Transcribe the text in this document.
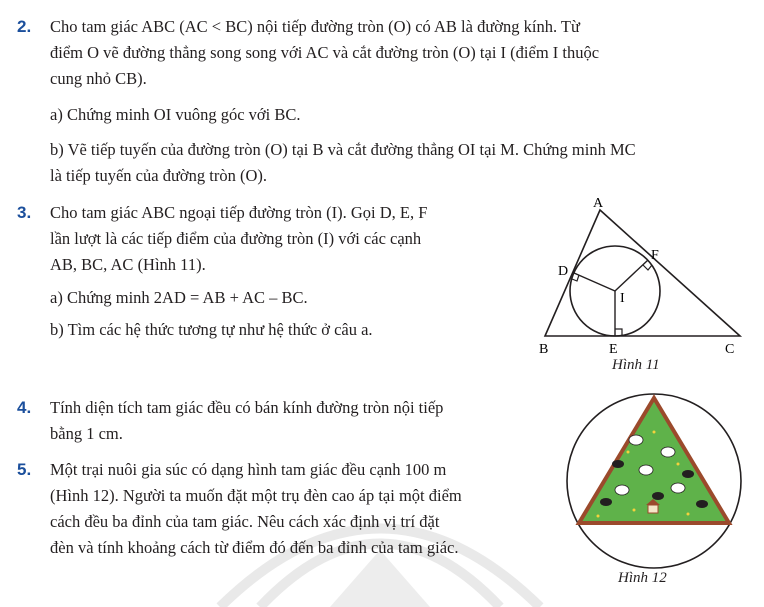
2. Cho tam giác ABC (AC < BC) nội tiếp đường tròn (O) có AB là đường kính. Từ
điểm O vẽ đường thẳng song song với AC và cắt đường tròn (O) tại I (điểm I thuộc
cung nhỏ CB).
a) Chứng minh OI vuông góc với BC.
b) Vẽ tiếp tuyến của đường tròn (O) tại B và cắt đường thẳng OI tại M. Chứng minh MC
là tiếp tuyến của đường tròn (O).
3. Cho tam giác ABC ngoại tiếp đường tròn (I). Gọi D, E, F
lần lượt là các tiếp điểm của đường tròn (I) với các cạnh
AB, BC, AC (Hình 11).
a) Chứng minh 2AD = AB + AC – BC.
b) Tìm các hệ thức tương tự như hệ thức ở câu a.
A
B	C
D
E
F
I
Hình 11
4. Tính diện tích tam giác đều có bán kính đường tròn nội tiếp
bằng 1 cm.
5. Một trại nuôi gia súc có dạng hình tam giác đều cạnh 100 m
(Hình 12). Người ta muốn đặt một trụ đèn cao áp tại một điểm
cách đều ba đỉnh của tam giác. Nêu cách xác định vị trí đặt
đèn và tính khoảng cách từ điểm đó đến ba đỉnh của tam giác.
Hình 12
